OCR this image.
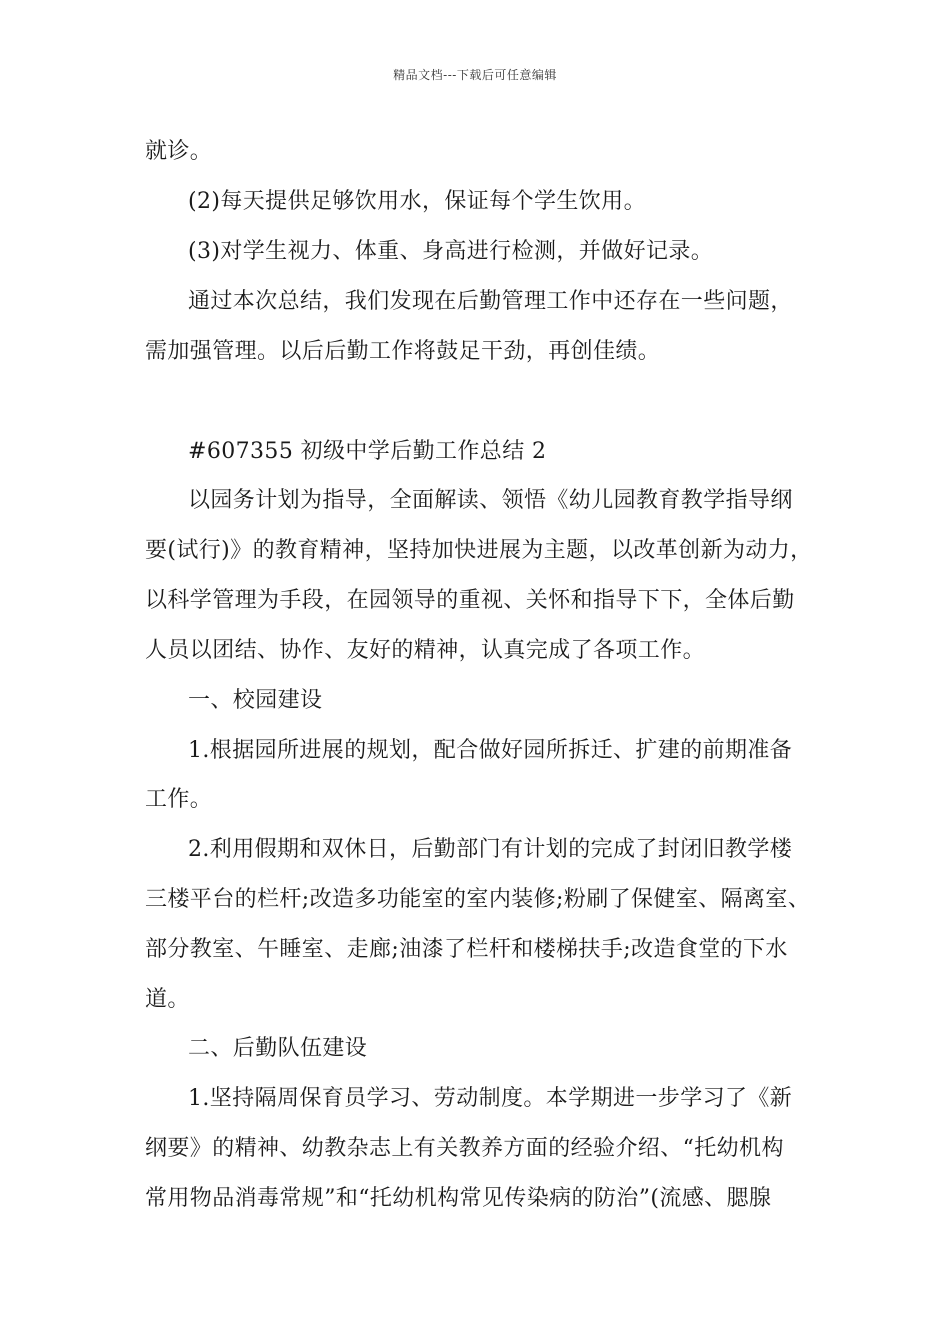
精品文档---下载后可任意编辑
就诊。
(2)每天提供足够饮用水，保证每个学生饮用。
(3)对学生视力、体重、身高进行检测，并做好记录。
通过本次总结，我们发现在后勤管理工作中还存在一些问题，
需加强管理。以后后勤工作将鼓足干劲，再创佳绩。
#607355 初级中学后勤工作总结 2
以园务计划为指导，全面解读、领悟《幼儿园教育教学指导纲
要(试行)》的教育精神，坚持加快进展为主题，以改革创新为动力，
以科学管理为手段，在园领导的重视、关怀和指导下下，全体后勤
人员以团结、协作、友好的精神，认真完成了各项工作。
一、校园建设
1.根据园所进展的规划，配合做好园所拆迁、扩建的前期准备
工作。
2.利用假期和双休日，后勤部门有计划的完成了封闭旧教学楼
三楼平台的栏杆;改造多功能室的室内装修;粉刷了保健室、隔离室、
部分教室、午睡室、走廊;油漆了栏杆和楼梯扶手;改造食堂的下水
道。
二、后勤队伍建设
1.坚持隔周保育员学习、劳动制度。本学期进一步学习了《新
纲要》的精神、幼教杂志上有关教养方面的经验介绍、“托幼机构
常用物品消毒常规”和“托幼机构常见传染病的防治”(流感、腮腺
